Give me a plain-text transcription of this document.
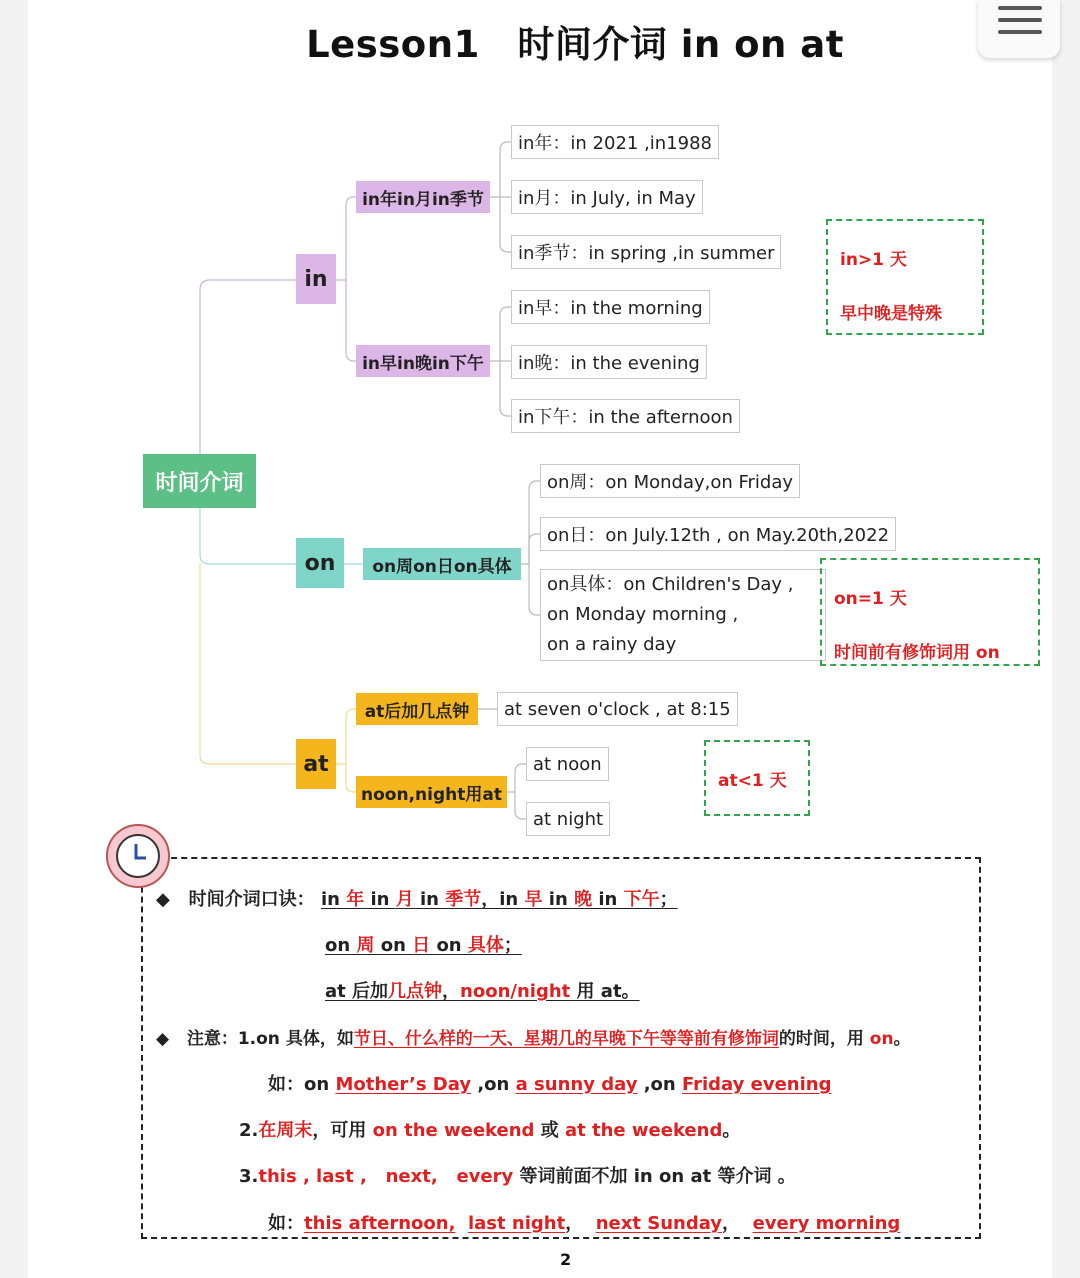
Lesson1　时间介词 in on at
时间介词
in
in年in月in季节
in早in晚in下午
in年：in 2021 ,in1988
in月：in July, in May
in季节：in spring ,in summer
in早：in the morning
in晚：in the evening
in下午：in the afternoon
in>1 天
早中晚是特殊
on	on周on日on具体
on周：on Monday,on Friday
on日：on July.12th , on May.20th,2022
on具体：on Children's Day ,
on Monday morning ,
on a rainy day
on=1 天
时间前有修饰词用 on
at
at后加几点钟
noon,night用at
at seven o'clock , at 8:15
at noon
at night
at<1 天
◆ 时间介词口诀： in 年 in 月 in 季节，in 早 in 晚 in 下午；
on 周 on 日 on 具体；
at 后加几点钟，noon/night 用 at。
◆ 注意：1.on 具体，如节日、什么样的一天、星期几的早晚下午等等前有修饰词的时间，用 on。
如：on Mother’s Day ,on a sunny day ,on Friday evening
2.在周末，可用 on the weekend 或 at the weekend。
3.this , last ,   next,   every 等词前面不加 in on at 等介词 。
如：this afternoon, last night，  next Sunday，  every morning
2
